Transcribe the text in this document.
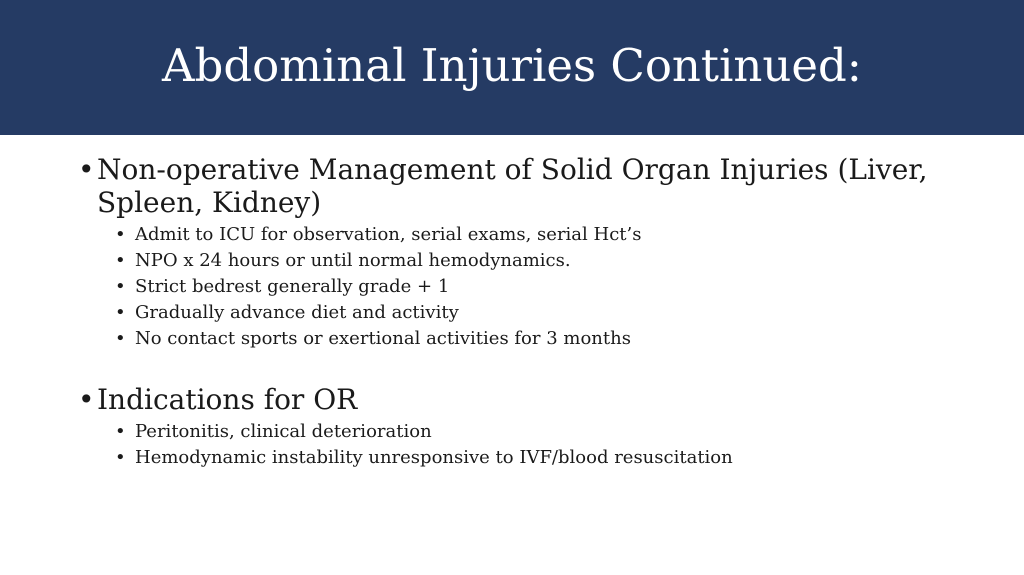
Abdominal Injuries Continued:

• Non-operative Management of Solid Organ Injuries (Liver, Spleen, Kidney)

• Admit to ICU for observation, serial exams, serial Hct’s
• NPO x 24 hours or until normal hemodynamics.
• Strict bedrest generally grade + 1
• Gradually advance diet and activity
• No contact sports or exertional activities for 3 months

• Indications for OR

• Peritonitis, clinical deterioration
• Hemodynamic instability unresponsive to IVF/blood resuscitation
